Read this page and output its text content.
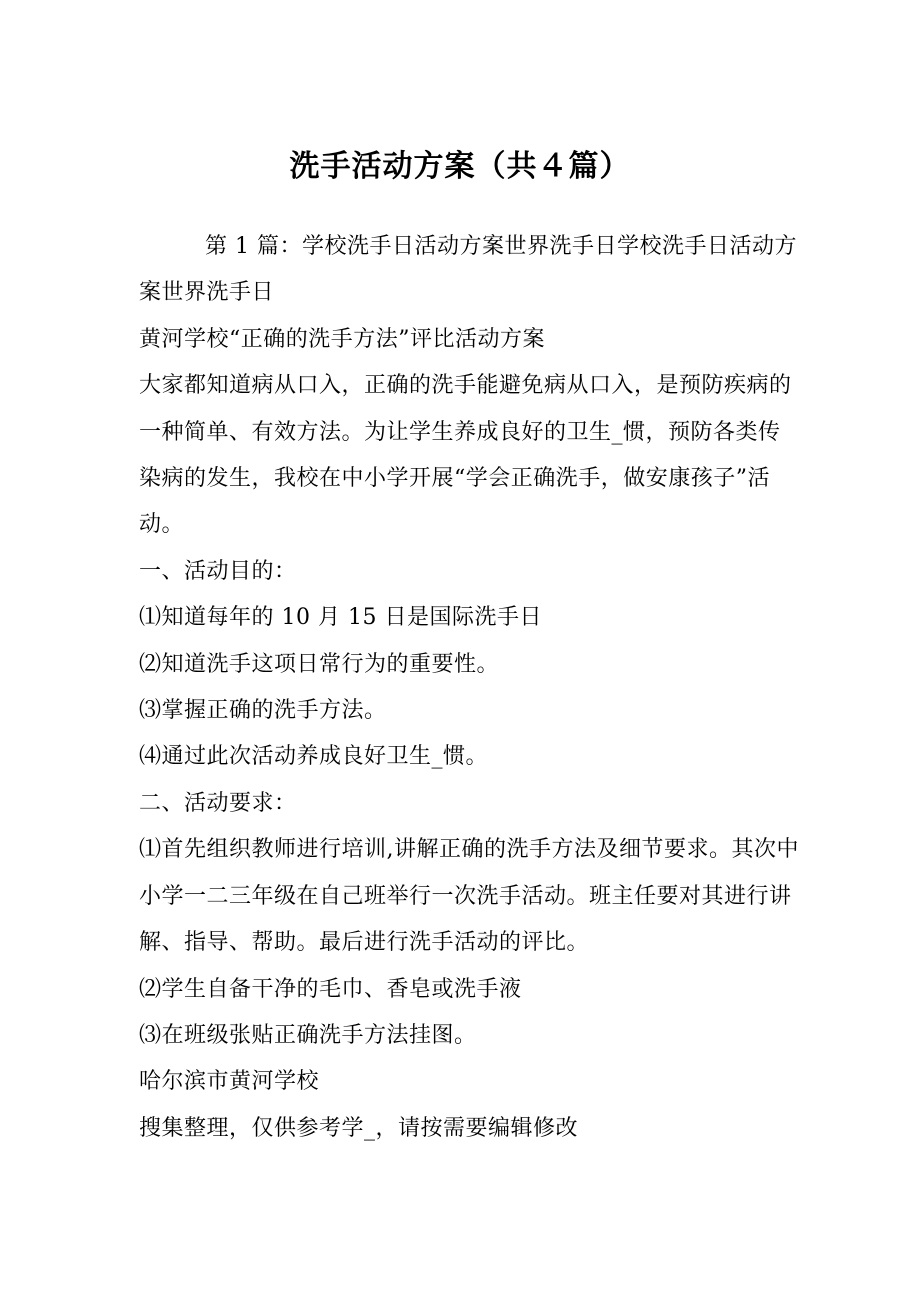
洗手活动方案（共４篇）

第 1 篇：学校洗手日活动方案世界洗手日学校洗手日活动方案世界洗手日

黄河学校“正确的洗手方法”评比活动方案

大家都知道病从口入，正确的洗手能避免病从口入，是预防疾病的一种简单、有效方法。为让学生养成良好的卫生_惯，预防各类传染病的发生，我校在中小学开展“学会正确洗手，做安康孩子”活动。

一、活动目的：

⑴知道每年的 10 月 15 日是国际洗手日

⑵知道洗手这项日常行为的重要性。

⑶掌握正确的洗手方法。

⑷通过此次活动养成良好卫生_惯。

二、活动要求：

⑴首先组织教师进行培训,讲解正确的洗手方法及细节要求。其次中小学一二三年级在自己班举行一次洗手活动。班主任要对其进行讲解、指导、帮助。最后进行洗手活动的评比。

⑵学生自备干净的毛巾、香皂或洗手液

⑶在班级张贴正确洗手方法挂图。

哈尔滨市黄河学校

搜集整理，仅供参考学_，请按需要编辑修改
